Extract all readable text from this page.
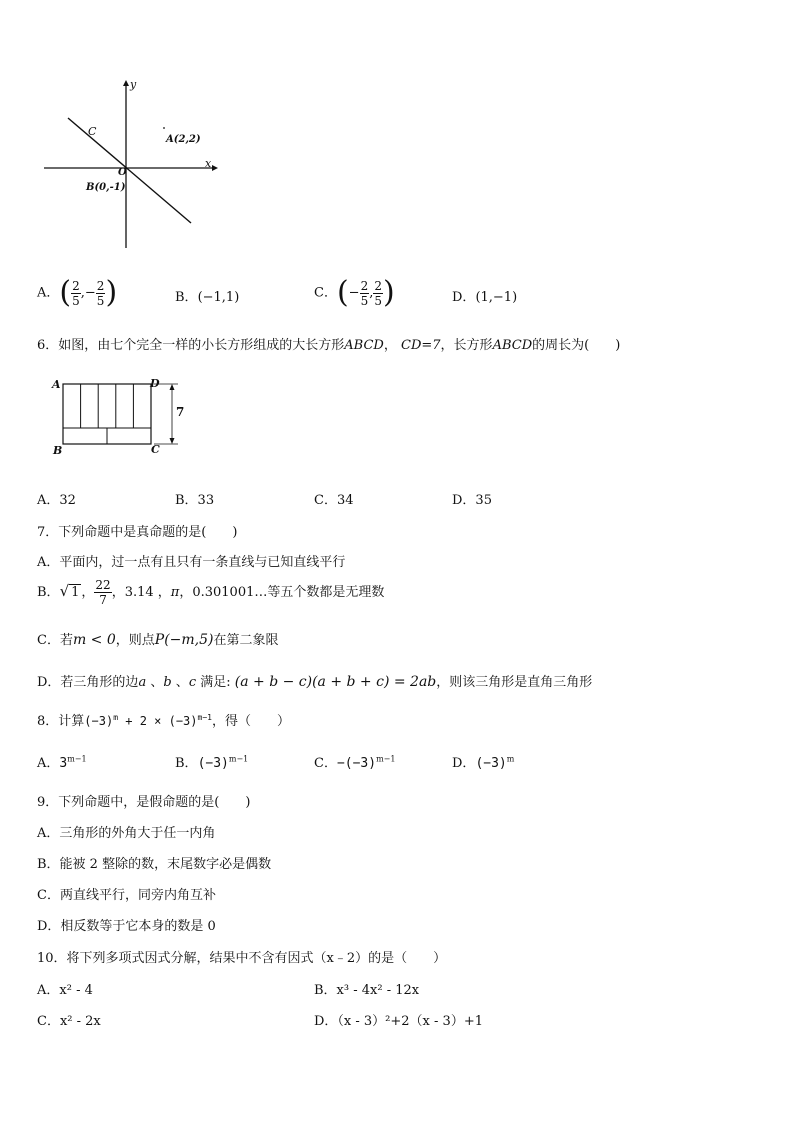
y
x
O
C
A(2,2)
B(0,-1)
A．( $\frac{2}{5}$ ,− $\frac{2}{5}$ )	B．(−1,1)	C．(− $\frac{2}{5}$ , $\frac{2}{5}$ )	D．(1,−1)
6．如图，由七个完全一样的小长方形组成的大长方形ABCD， CD=7，长方形ABCD的周长为(　　)
A	D
B	C
7
A．32	B．33	C．34	D．35
7．下列命题中是真命题的是(　　)
A．平面内，过一点有且只有一条直线与已知直线平行
B．√ 1 ， $\frac{22}{7}$ ，3.14 ，π，0.301001…等五个数都是无理数
C．若m < 0，则点P(−m,5)在第二象限
D．若三角形的边a 、b 、c 满足: (a + b − c)(a + b + c) = 2ab，则该三角形是直角三角形
8．计算$(-3)^m + 2 \times (-3)^{m-1}$，得（　　）
A．$3^{m-1}$	B．$(-3)^{m-1}$	C．$-(-3)^{m-1}$	D．$(-3)^m$
9．下列命题中，是假命题的是(　　)
A．三角形的外角大于任一内角
B．能被 2 整除的数，末尾数字必是偶数
C．两直线平行，同旁内角互补
D．相反数等于它本身的数是 0
10．将下列多项式因式分解，结果中不含有因式（x﹣2）的是（　　）
A．x² - 4	B．x³ - 4x² - 12x
C．x² - 2x	D．（x - 3）²+2（x - 3）+1
